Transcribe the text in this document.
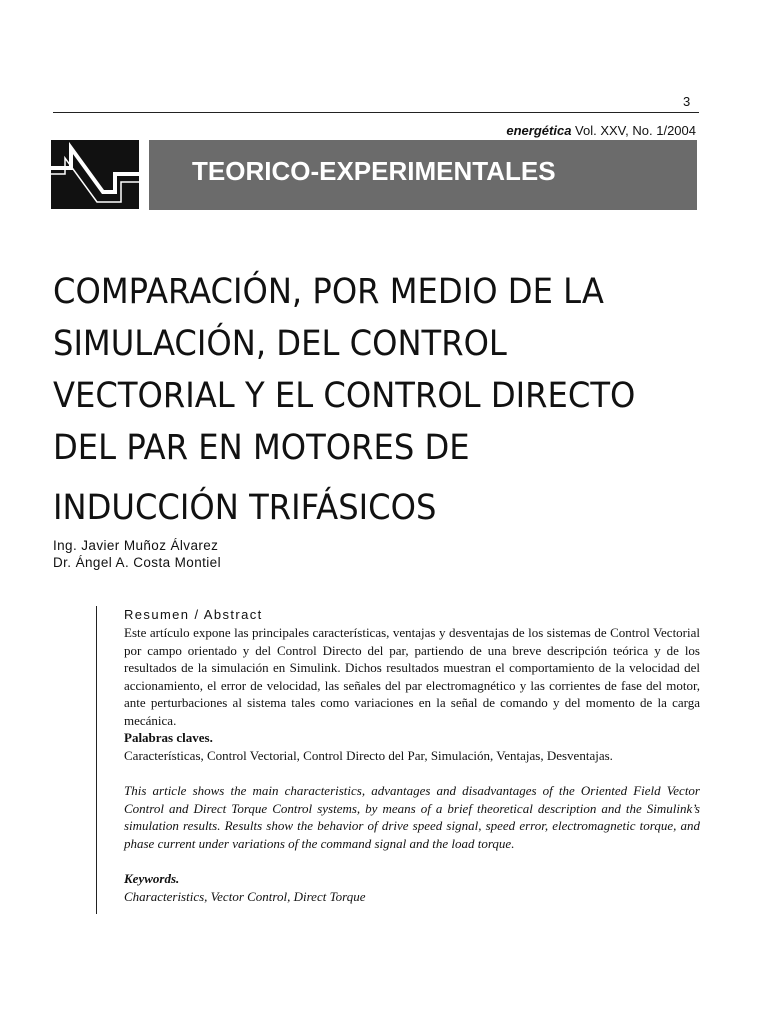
3
energética Vol. XXV, No. 1/2004
TEORICO-EXPERIMENTALES
COMPARACIÓN, POR MEDIO DE LA
SIMULACIÓN, DEL CONTROL
VECTORIAL Y EL CONTROL DIRECTO
DEL PAR EN MOTORES DE
INDUCCIÓN TRIFÁSICOS
Ing. Javier Muñoz Álvarez
Dr. Ángel A. Costa Montiel
Resumen / Abstract

Este artículo expone las principales características, ventajas y desventajas de los sistemas de Control Vectorial por campo orientado y del Control Directo del par, partiendo de una breve descripción teórica y de los resultados de la simulación en Simulink. Dichos resultados muestran el comportamiento de la velocidad del accionamiento, el error de velocidad, las señales del par electromagnético y las corrientes de fase del motor, ante perturbaciones al sistema tales como variaciones en la señal de comando y del momento de la carga mecánica.

Palabras claves.

Características, Control Vectorial, Control Directo del Par, Simulación, Ventajas, Desventajas.

This article shows the main characteristics, advantages and disadvantages of the Oriented Field Vector Control and Direct Torque Control systems, by means of a brief theoretical description and the Simulink’s simulation results. Results show the behavior of drive speed signal, speed error, electromagnetic torque, and phase current under variations of the command signal and the load torque.

Keywords.

Characteristics, Vector Control, Direct Torque
